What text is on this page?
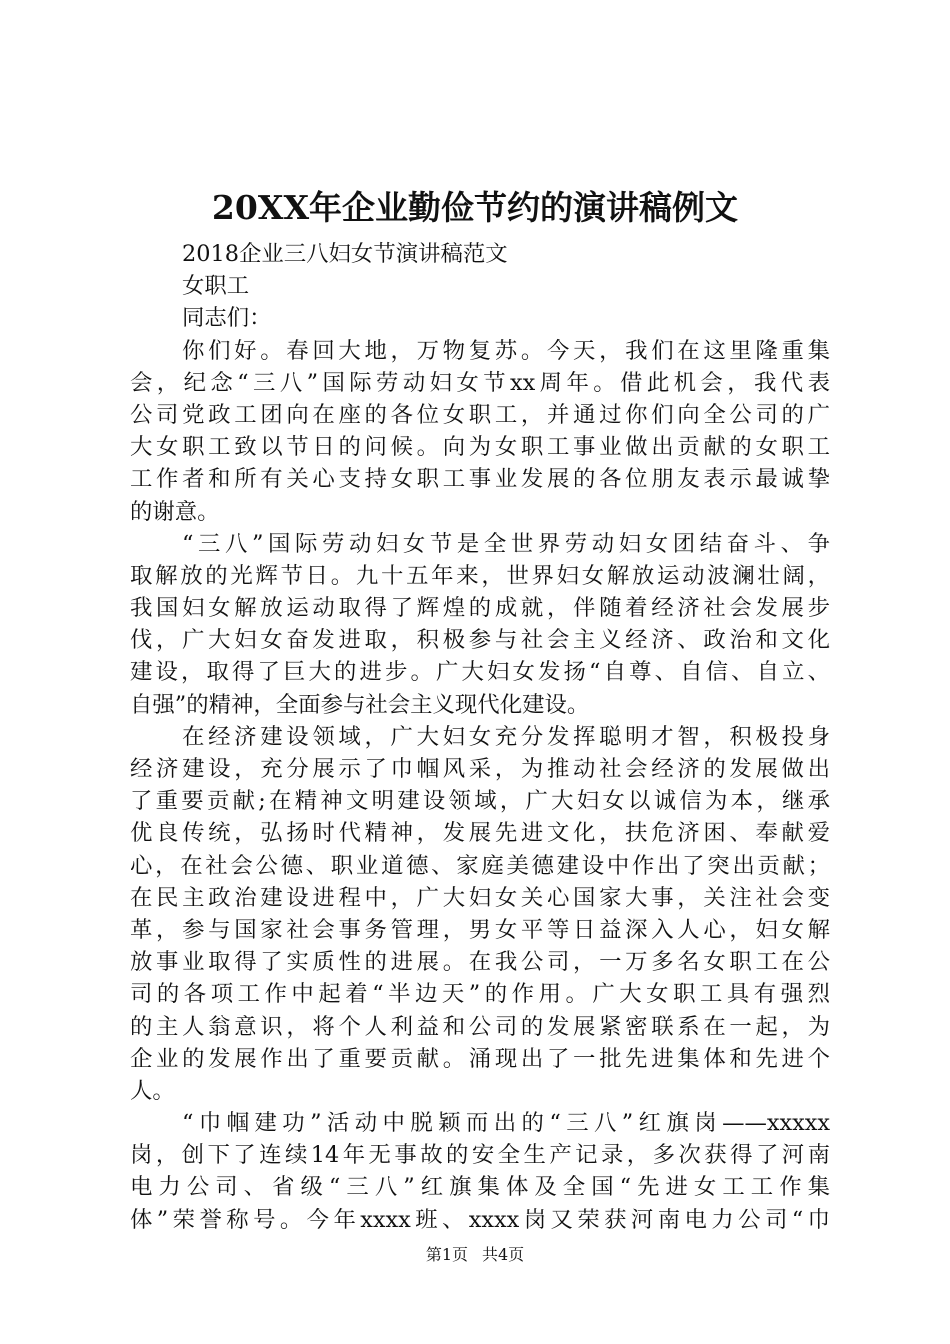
20XX年企业勤俭节约的演讲稿例文
2018企业三八妇女节演讲稿范文
女职工
同志们：
你们好。春回大地，万物复苏。今天，我们在这里隆重集
会，纪念“三八”国际劳动妇女节xx周年。借此机会，我代表
公司党政工团向在座的各位女职工，并通过你们向全公司的广
大女职工致以节日的问候。向为女职工事业做出贡献的女职工
工作者和所有关心支持女职工事业发展的各位朋友表示最诚挚
的谢意。
“三八”国际劳动妇女节是全世界劳动妇女团结奋斗、争
取解放的光辉节日。九十五年来，世界妇女解放运动波澜壮阔，
我国妇女解放运动取得了辉煌的成就，伴随着经济社会发展步
伐，广大妇女奋发进取，积极参与社会主义经济、政治和文化
建设，取得了巨大的进步。广大妇女发扬“自尊、自信、自立、
自强”的精神，全面参与社会主义现代化建设。
在经济建设领域，广大妇女充分发挥聪明才智，积极投身
经济建设，充分展示了巾帼风采，为推动社会经济的发展做出
了重要贡献;在精神文明建设领域，广大妇女以诚信为本，继承
优良传统，弘扬时代精神，发展先进文化，扶危济困、奉献爱
心，在社会公德、职业道德、家庭美德建设中作出了突出贡献；
在民主政治建设进程中，广大妇女关心国家大事，关注社会变
革，参与国家社会事务管理，男女平等日益深入人心，妇女解
放事业取得了实质性的进展。在我公司，一万多名女职工在公
司的各项工作中起着“半边天”的作用。广大女职工具有强烈
的主人翁意识，将个人利益和公司的发展紧密联系在一起，为
企业的发展作出了重要贡献。涌现出了一批先进集体和先进个
人。
“巾帼建功”活动中脱颖而出的“三八”红旗岗——xxxxx
岗，创下了连续14年无事故的安全生产记录，多次获得了河南
电力公司、省级“三八”红旗集体及全国“先进女工工作集
体”荣誉称号。今年xxxx班、xxxx岗又荣获河南电力公司“巾
第1页 共4页
